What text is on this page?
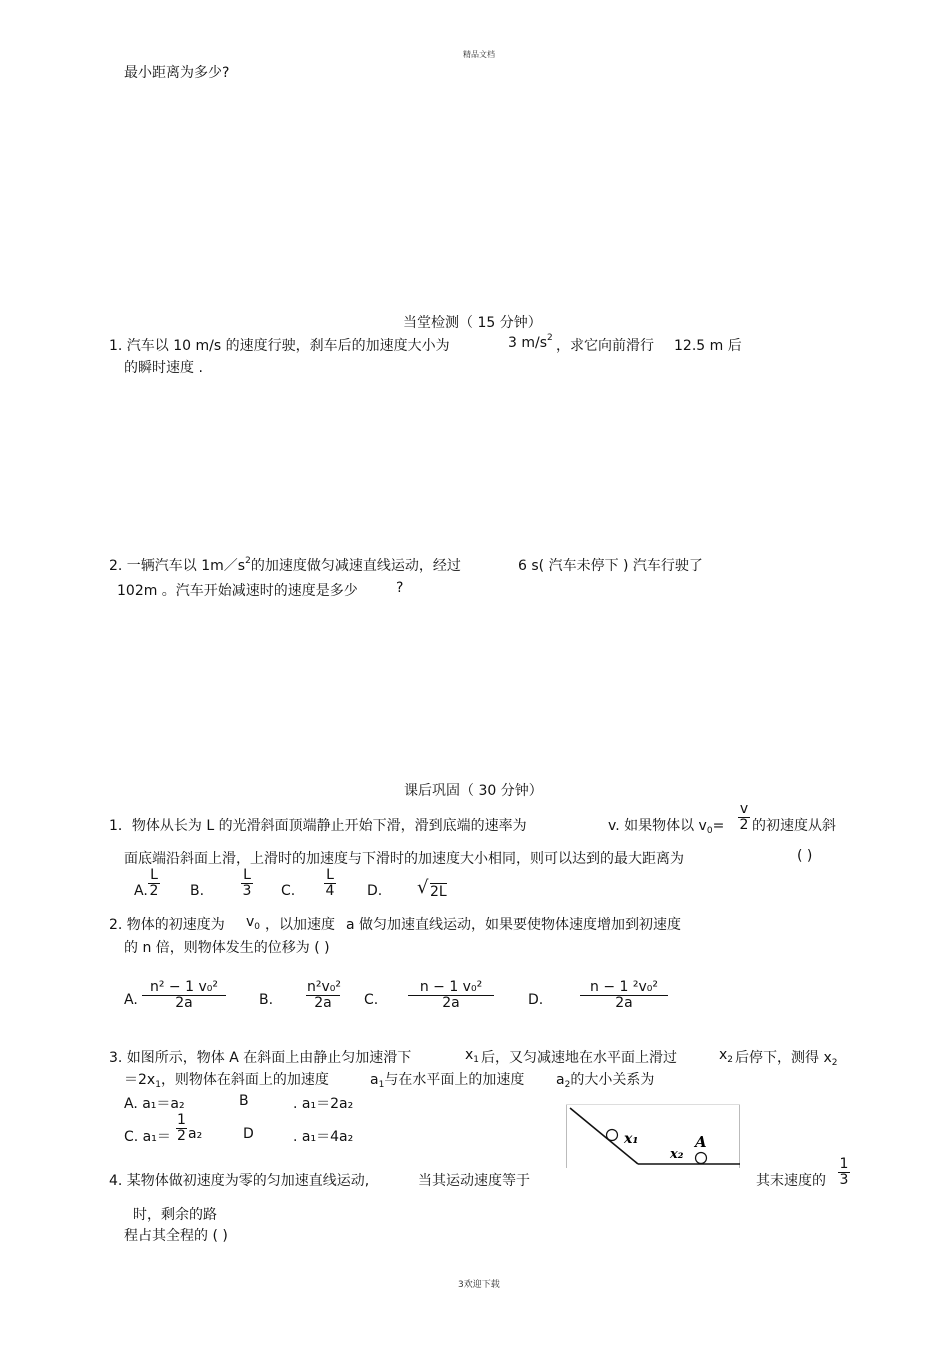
精品文档
3欢迎下载
最小距离为多少?
当堂检测（ 15 分钟）
1. 汽车以 10 m/s 的速度行驶，刹车后的加速度大小为	3 $m/s^2$ ，求它向前滑行 12.5 m 后
的瞬时速度 .
2. 一辆汽车以 $1m/s^2$的加速度做匀减速直线运动，经过	6 s( 汽车未停下 ) 汽车行驶了
102m 。汽车开始减速时的速度是多少	?
课后巩固（ 30 分钟）
1．物体从长为 L 的光滑斜面顶端静止开始下滑，滑到底端的速率为	v. 如果物体以 $v_0= \frac{v}{2}$ 的初速度从斜
面底端沿斜面上滑，上滑时的加速度与下滑时的加速度大小相同，则可以达到的最大距离为	( )
A. $\frac{L}{2} B$.	$\frac{L}{3} C$. $\frac{L}{4} D$. √ 2L
2. 物体的初速度为 $v_0$ ，以加速度 a 做匀加速直线运动，如果要使物体速度增加到初速度
的 n 倍，则物体发生的位移为 ( )
A. $\frac{\text{n² − 1 v₀²}}{2a} B$. $\frac{\text{n²v₀²}}{2a} C$. $\frac{\text{n − 1 v₀²}}{2a} D$.	$\frac{\text{n − 1 ²v₀²}}{2a}$
3. 如图所示，物体 A 在斜面上由静止匀加速滑下	$x_1$ 后，又匀减速地在水平面上滑过	$x_2$ 后停下，测得 $x_2$
$=2x_1$，则物体在斜面上的加速度	$a_1$与在水平面上的加速度 $a_2$的大小关系为
A. a₁＝a₂	B	. a₁＝2a₂
C. $a_1= \frac{1}{2} a_2$	D	. a₁＝4a₂	x₁
x₂
A
4. 某物体做初速度为零的匀加速直线运动,	当其运动速度等于	其末速度的 $\frac{1}{3}$
时，剩余的路
程占其全程的 ( )
